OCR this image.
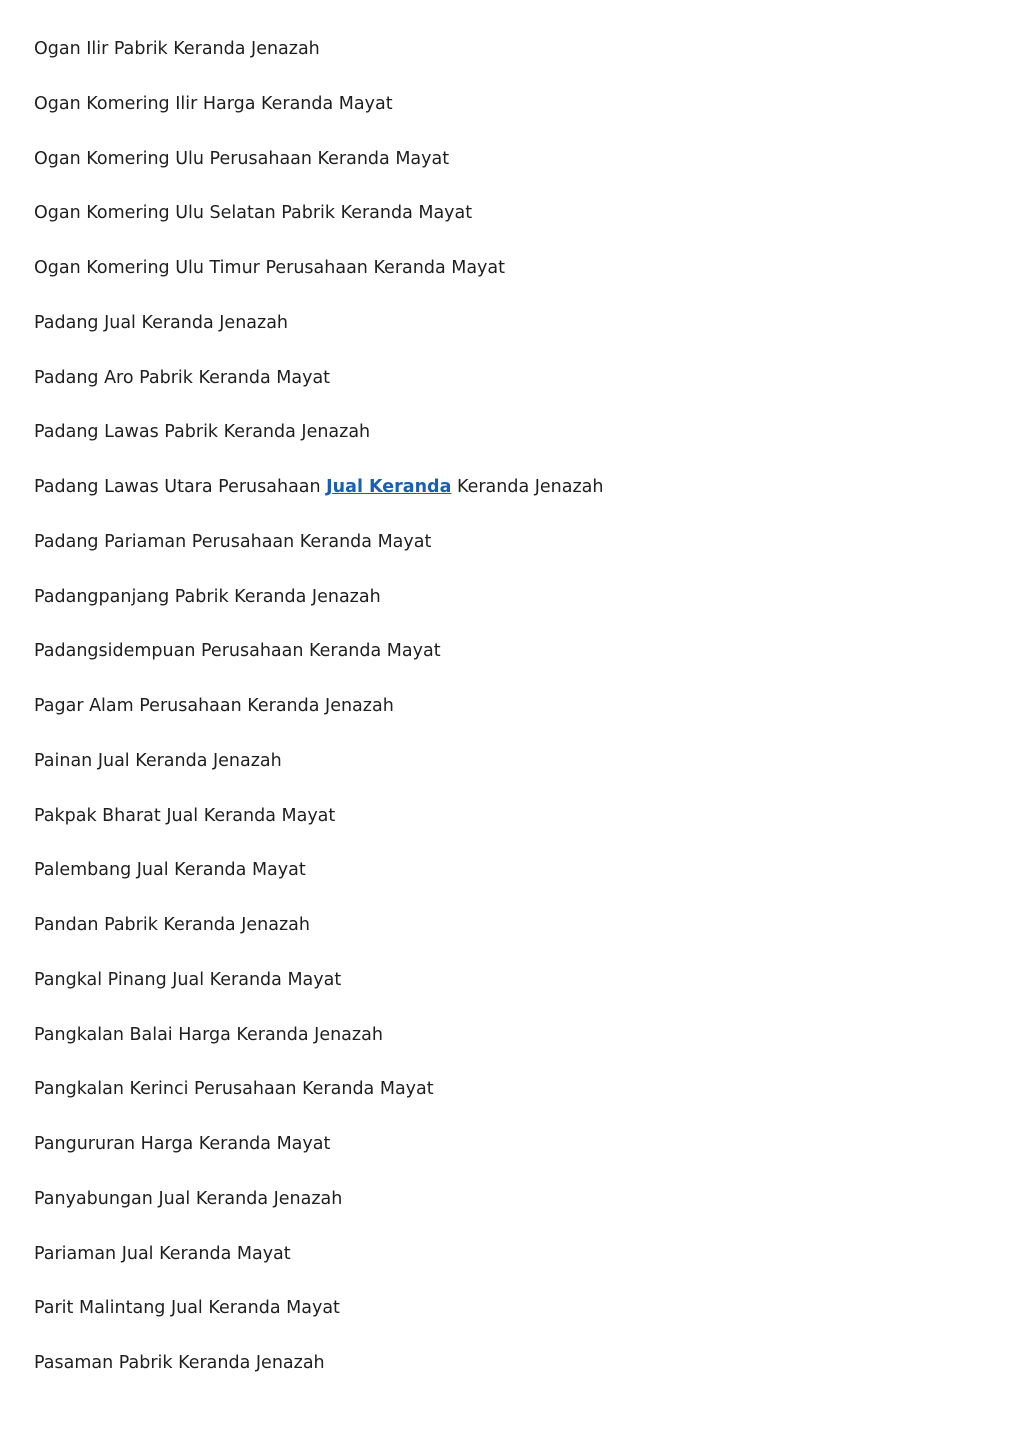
Ogan Ilir Pabrik Keranda Jenazah
Ogan Komering Ilir Harga Keranda Mayat
Ogan Komering Ulu Perusahaan Keranda Mayat
Ogan Komering Ulu Selatan Pabrik Keranda Mayat
Ogan Komering Ulu Timur Perusahaan Keranda Mayat
Padang Jual Keranda Jenazah
Padang Aro Pabrik Keranda Mayat
Padang Lawas Pabrik Keranda Jenazah
Padang Lawas Utara Perusahaan Jual Keranda Keranda Jenazah
Padang Pariaman Perusahaan Keranda Mayat
Padangpanjang Pabrik Keranda Jenazah
Padangsidempuan Perusahaan Keranda Mayat
Pagar Alam Perusahaan Keranda Jenazah
Painan Jual Keranda Jenazah
Pakpak Bharat Jual Keranda Mayat
Palembang Jual Keranda Mayat
Pandan Pabrik Keranda Jenazah
Pangkal Pinang Jual Keranda Mayat
Pangkalan Balai Harga Keranda Jenazah
Pangkalan Kerinci Perusahaan Keranda Mayat
Pangururan Harga Keranda Mayat
Panyabungan Jual Keranda Jenazah
Pariaman Jual Keranda Mayat
Parit Malintang Jual Keranda Mayat
Pasaman Pabrik Keranda Jenazah
